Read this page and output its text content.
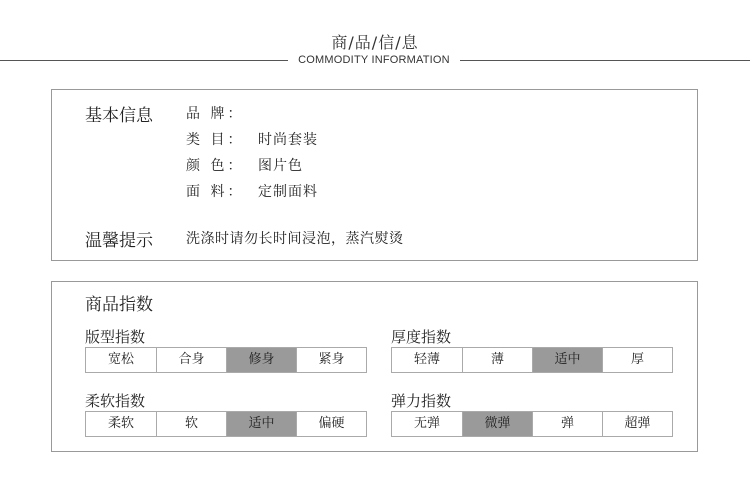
商/品/信/息
COMMODITY INFORMATION
基本信息 品 牌：
类 目： 时尚套装
颜 色： 图片色
面 料： 定制面料
温馨提示 洗涤时请勿长时间浸泡，蒸汽熨烫
商品指数
版型指数
宽松	合身	修身	紧身
厚度指数
轻薄	薄	适中	厚
柔软指数
柔软	软	适中	偏硬
弹力指数
无弹	微弹	弹	超弹
